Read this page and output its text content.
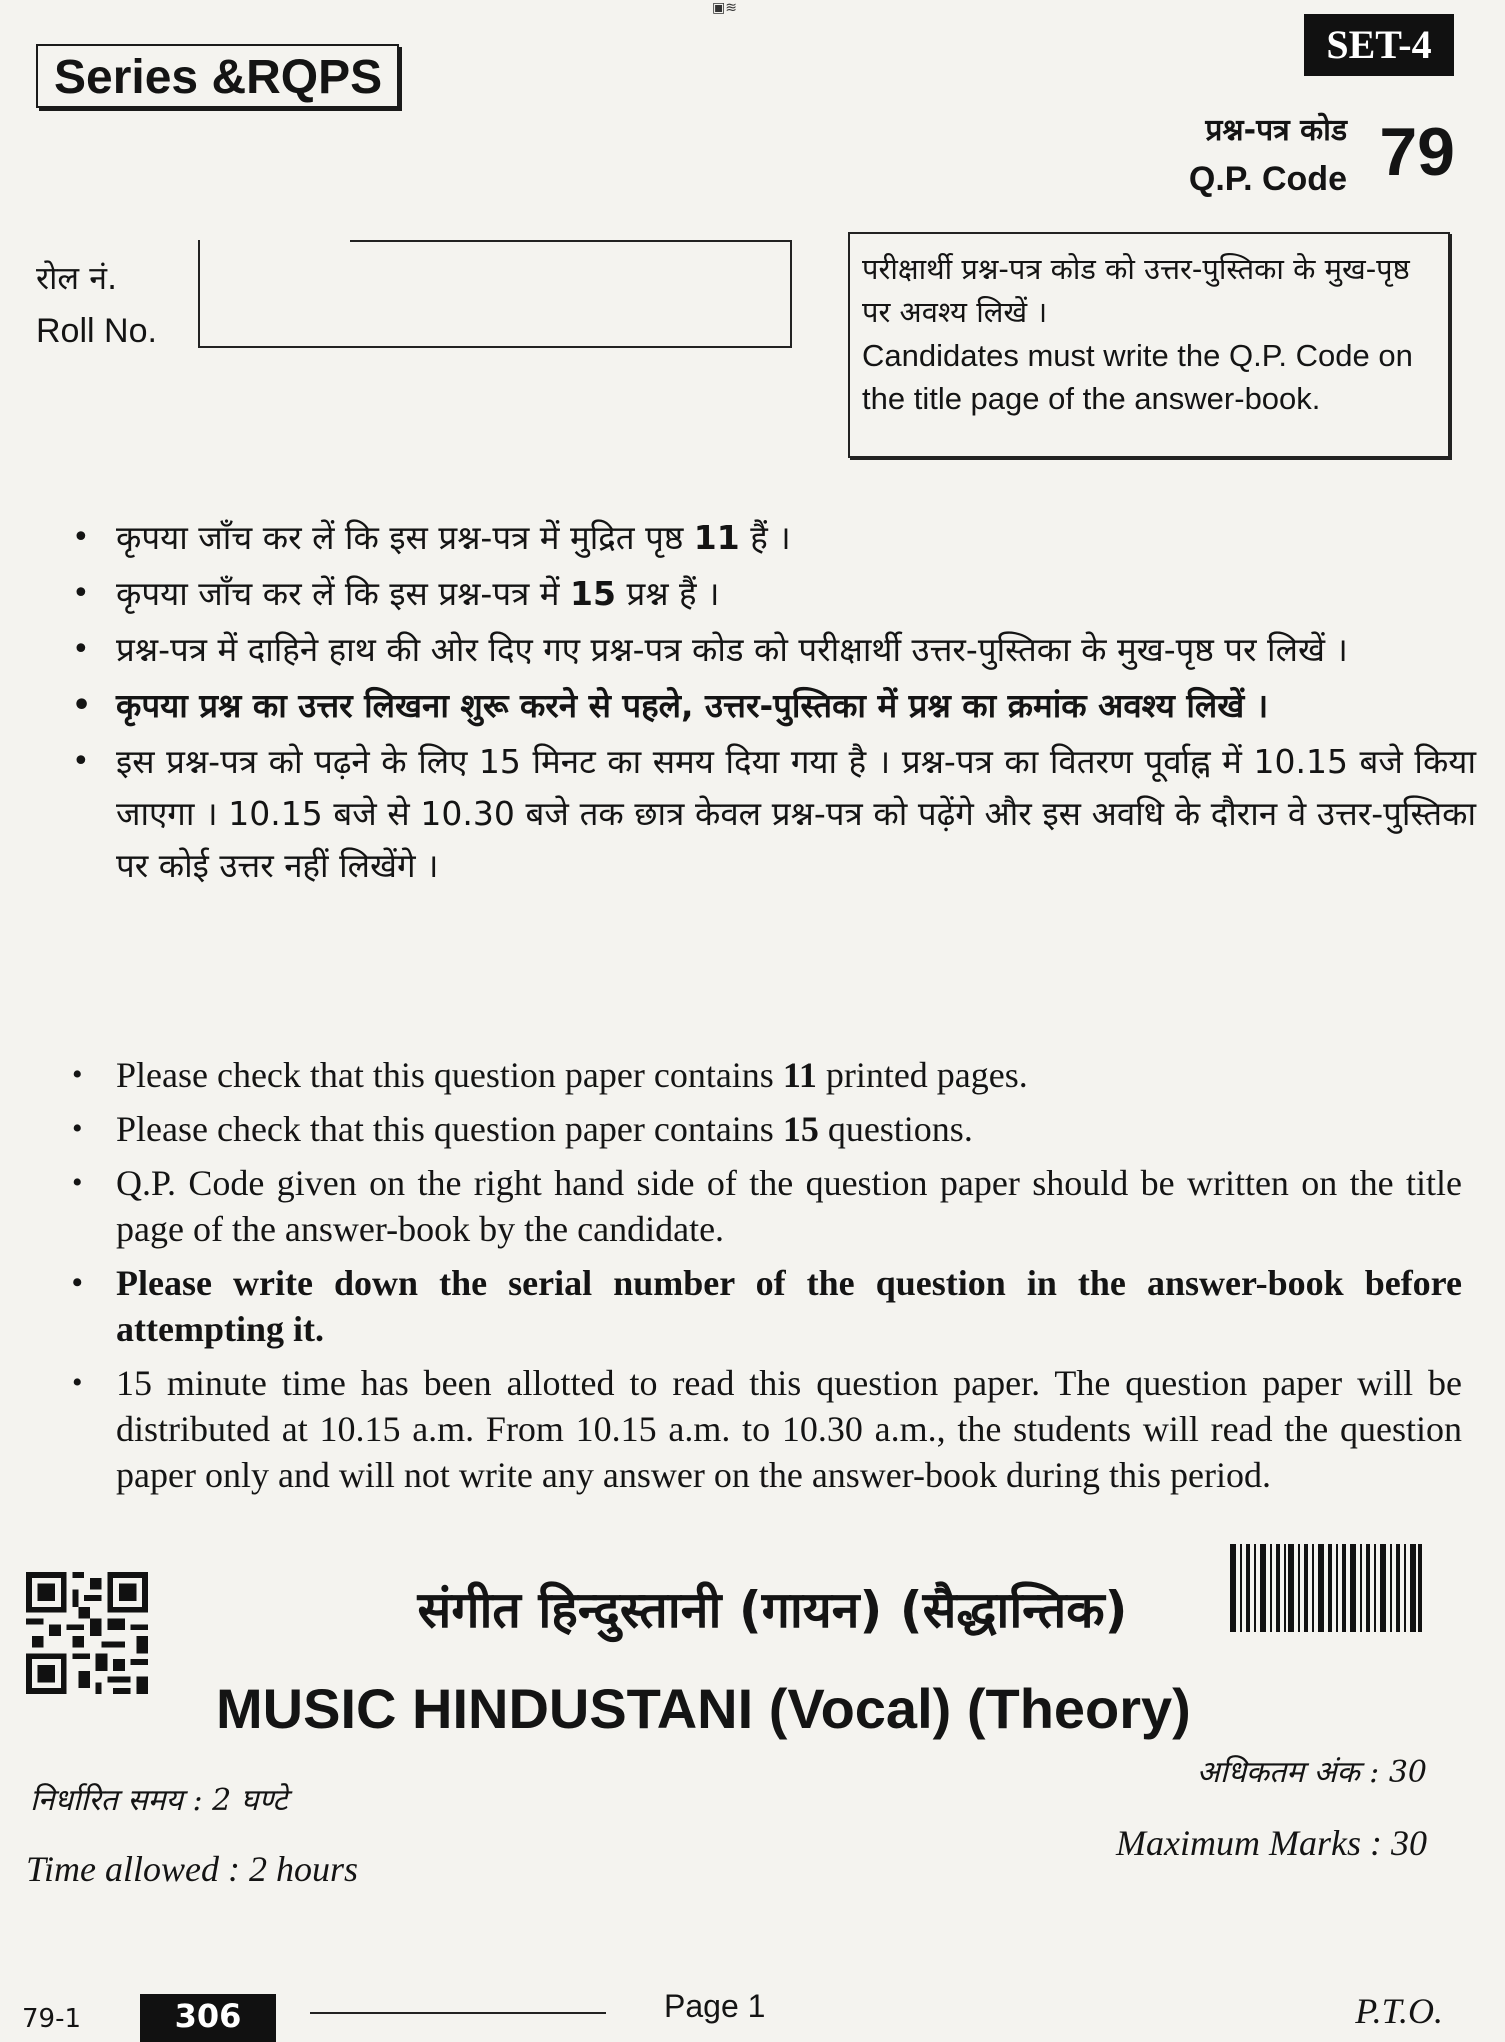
▣≋
Series &RQPS
SET-4
प्रश्न-पत्र कोड
Q.P. Code 79
रोल नं.
Roll No.
परीक्षार्थी प्रश्न-पत्र कोड को उत्तर-पुस्तिका के मुख-पृष्ठ पर अवश्य लिखें ।
Candidates must write the Q.P. Code on the title page of the answer-book.
• कृपया जाँच कर लें कि इस प्रश्न-पत्र में मुद्रित पृष्ठ 11 हैं ।
• कृपया जाँच कर लें कि इस प्रश्न-पत्र में 15 प्रश्न हैं ।
• प्रश्न-पत्र में दाहिने हाथ की ओर दिए गए प्रश्न-पत्र कोड को परीक्षार्थी उत्तर-पुस्तिका के मुख-पृष्ठ पर लिखें ।
• कृपया प्रश्न का उत्तर लिखना शुरू करने से पहले, उत्तर-पुस्तिका में प्रश्न का क्रमांक अवश्य लिखें ।
• इस प्रश्न-पत्र को पढ़ने के लिए 15 मिनट का समय दिया गया है । प्रश्न-पत्र का वितरण पूर्वाह्न में 10.15 बजे किया जाएगा । 10.15 बजे से 10.30 बजे तक छात्र केवल प्रश्न-पत्र को पढ़ेंगे और इस अवधि के दौरान वे उत्तर-पुस्तिका पर कोई उत्तर नहीं लिखेंगे ।
• Please check that this question paper contains 11 printed pages.
• Please check that this question paper contains 15 questions.
• Q.P. Code given on the right hand side of the question paper should be written on the title page of the answer-book by the candidate.
• Please write down the serial number of the question in the answer-book before attempting it.
• 15 minute time has been allotted to read this question paper. The question paper will be distributed at 10.15 a.m. From 10.15 a.m. to 10.30 a.m., the students will read the question paper only and will not write any answer on the answer-book during this period.
संगीत हिन्दुस्तानी (गायन) (सैद्धान्तिक)
MUSIC HINDUSTANI (Vocal) (Theory)
निर्धारित समय : 2 घण्टे
Time allowed : 2 hours
अधिकतम अंक : 30
Maximum Marks : 30
79-1	306	Page 1	P.T.O.
